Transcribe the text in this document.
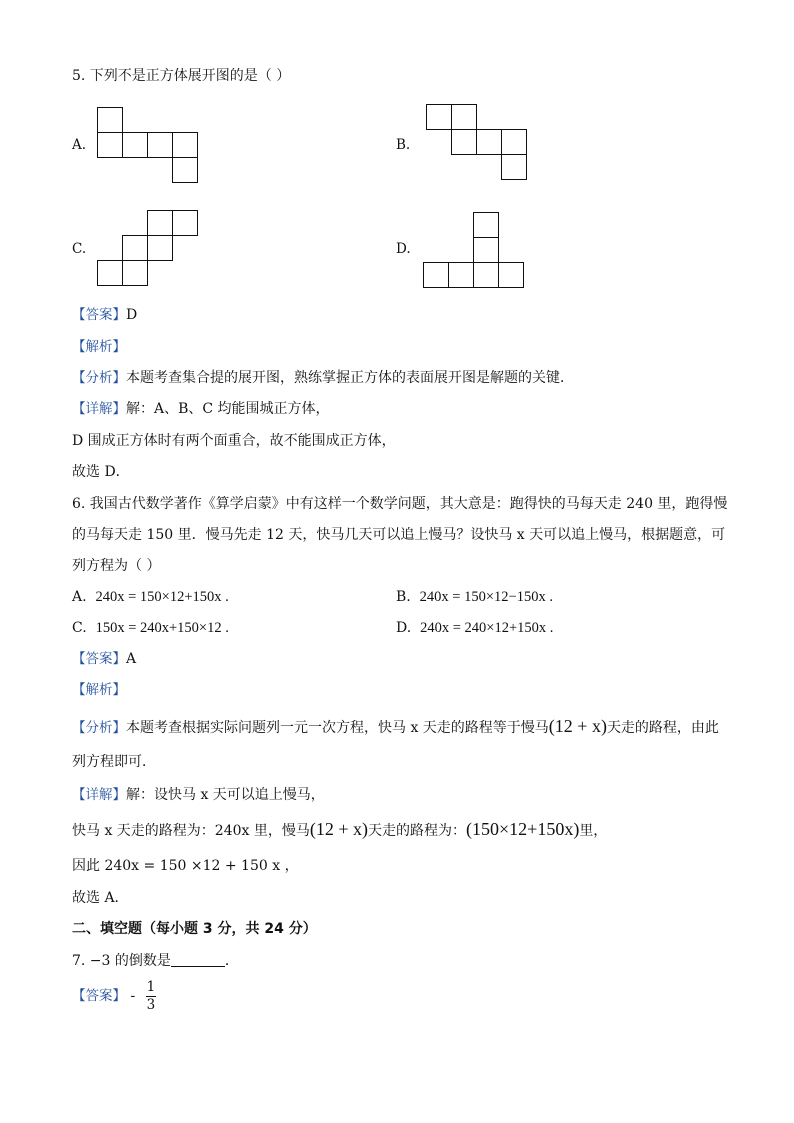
5. 下列不是正方体展开图的是（ ）
A.	B.
C.	D.
【答案】D
【解析】
【分析】本题考查集合提的展开图，熟练掌握正方体的表面展开图是解题的关键．
【详解】解：A、B、C 均能围城正方体，
D 围成正方体时有两个面重合，故不能围成正方体，
故选 D．
6. 我国古代数学著作《算学启蒙》中有这样一个数学问题，其大意是：跑得快的马每天走 240 里，跑得慢
的马每天走 150 里．慢马先走 12 天，快马几天可以追上慢马？设快马 x 天可以追上慢马，根据题意，可
列方程为（ ）
A. 240x = 150×12+150x .	B. 240x = 150×12−150x .
C. 150x = 240x+150×12 .	D. 240x = 240×12+150x .
【答案】A
【解析】
【分析】本题考查根据实际问题列一元一次方程，快马 x 天走的路程等于慢马(12 + x)天走的路程，由此
列方程即可．
【详解】解：设快马 x 天可以追上慢马，
快马 x 天走的路程为：240x 里，慢马(12 + x)天走的路程为：(150×12+150x)里，
因此 240x = 150 ×12 + 150 x ，
故选 A．
二、填空题（每小题 3 分，共 24 分）
7. −3 的倒数是	．
【答案】 - $\frac{1}{3}$
